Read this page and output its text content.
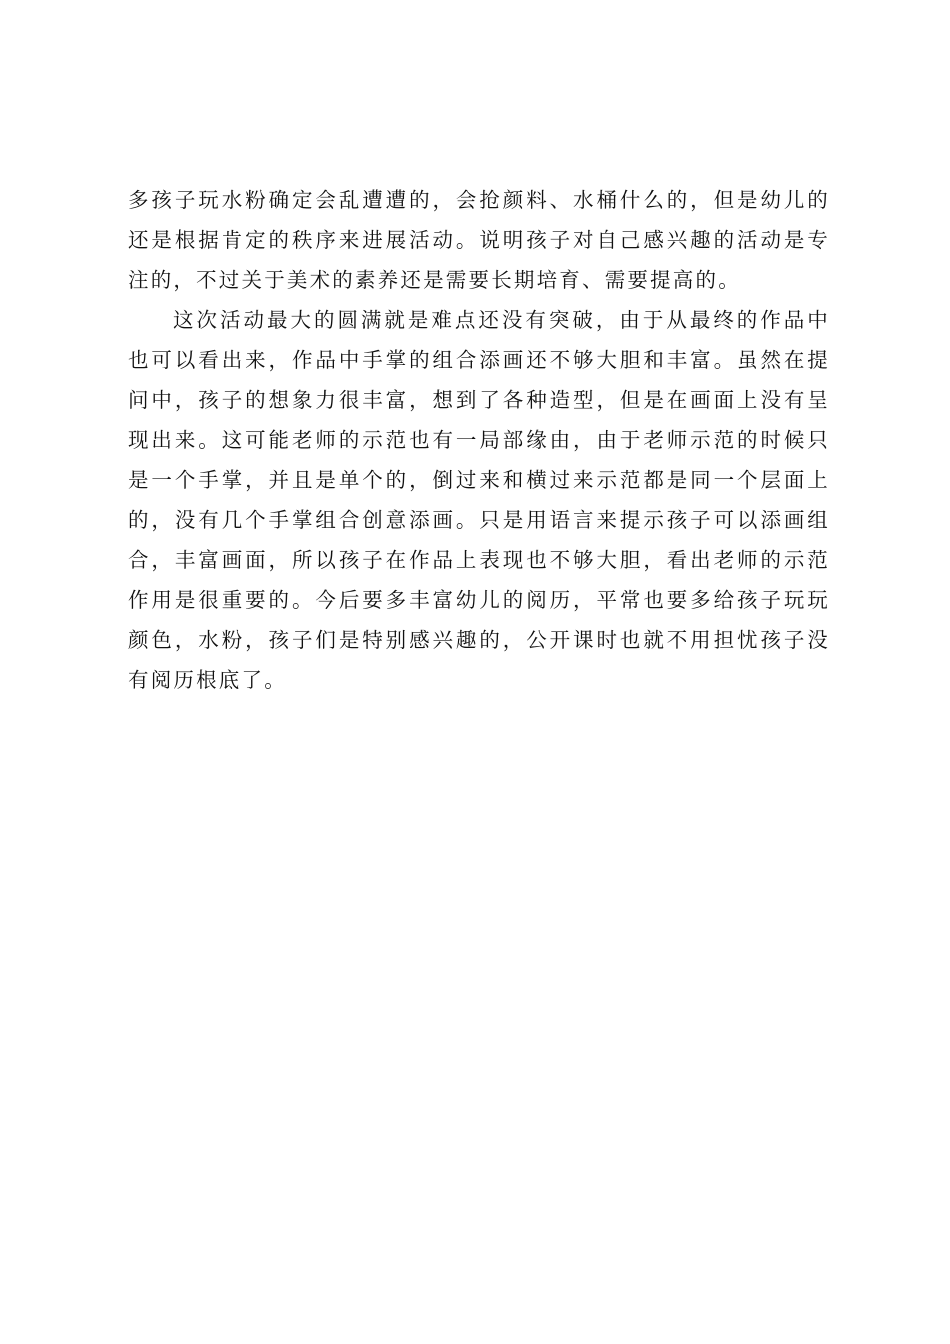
多孩子玩水粉确定会乱遭遭的，会抢颜料、水桶什么的，但是幼儿的还是根据肯定的秩序来进展活动。说明孩子对自己感兴趣的活动是专注的，不过关于美术的素养还是需要长期培育、需要提高的。

这次活动最大的圆满就是难点还没有突破，由于从最终的作品中也可以看出来，作品中手掌的组合添画还不够大胆和丰富。虽然在提问中，孩子的想象力很丰富，想到了各种造型，但是在画面上没有呈现出来。这可能老师的示范也有一局部缘由，由于老师示范的时候只是一个手掌，并且是单个的，倒过来和横过来示范都是同一个层面上的，没有几个手掌组合创意添画。只是用语言来提示孩子可以添画组合，丰富画面，所以孩子在作品上表现也不够大胆，看出老师的示范作用是很重要的。今后要多丰富幼儿的阅历，平常也要多给孩子玩玩颜色，水粉，孩子们是特别感兴趣的，公开课时也就不用担忧孩子没有阅历根底了。
